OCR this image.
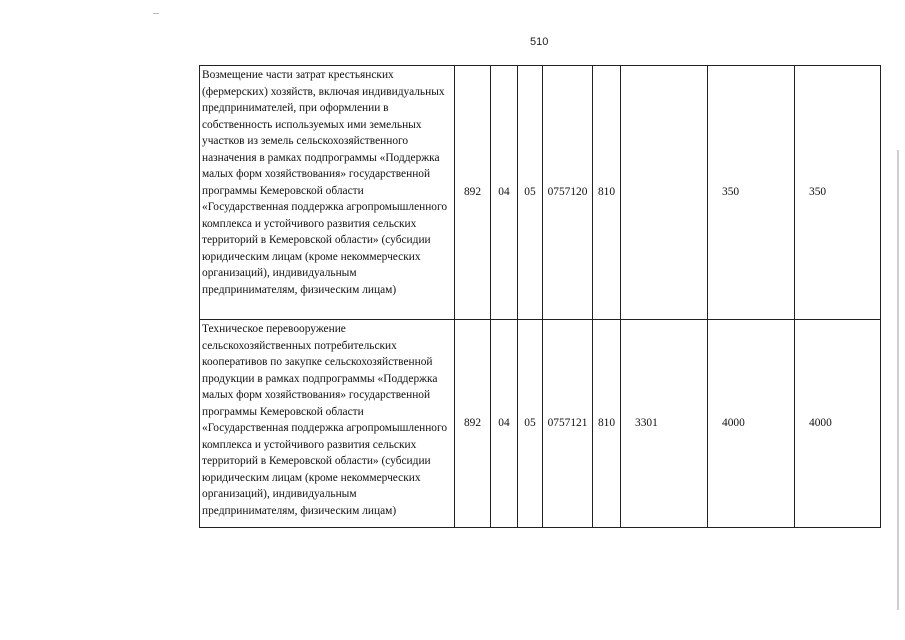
510
Возмещение части затрат крестьянских (фермерских) хозяйств, включая индивидуальных предпринимателей, при оформлении в собственность используемых ими земельных участков из земель сельскохозяйственного назначения в рамках подпрограммы «Поддержка малых форм хозяйствования» государственной программы Кемеровской области «Государственная поддержка агропромышленного комплекса и устойчивого развития сельских территорий в Кемеровской области» (субсидии юридическим лицам (кроме некоммерческих организаций), индивидуальным предпринимателям, физическим лицам)	892	04	05	0757120	810		350	350
Техническое перевооружение сельскохозяйственных потребительских кооперативов по закупке сельскохозяйственной продукции в рамках подпрограммы «Поддержка малых форм хозяйствования» государственной программы Кемеровской области «Государственная поддержка агропромышленного комплекса и устойчивого развития сельских территорий в Кемеровской области» (субсидии юридическим лицам (кроме некоммерческих организаций), индивидуальным предпринимателям, физическим лицам)	892	04	05	0757121	810	3301	4000	4000
